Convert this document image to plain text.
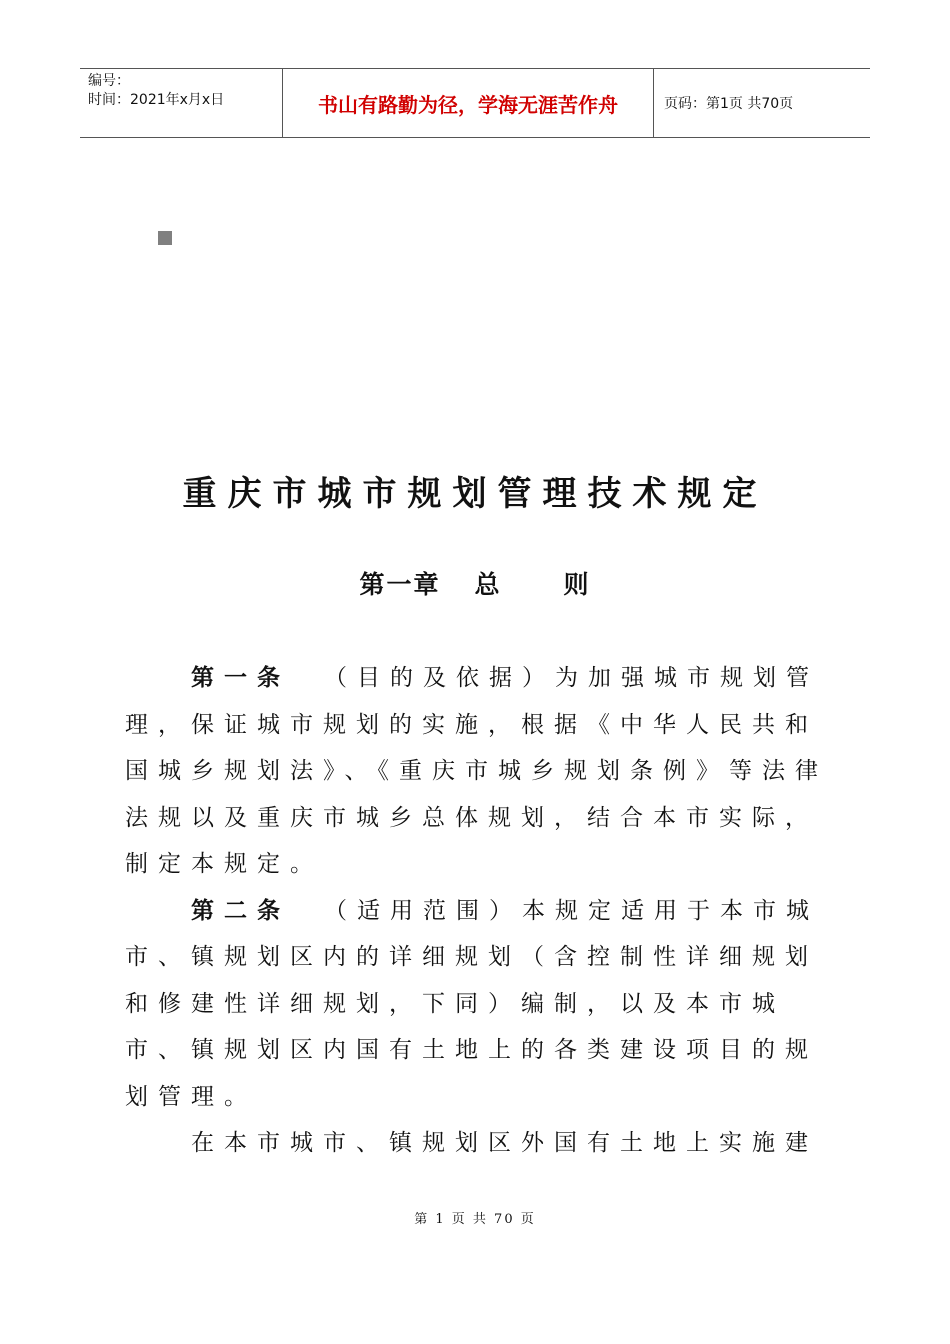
编号：
时间：2021年x月x日	书山有路勤为径，学海无涯苦作舟	页码：第1页 共70页
重庆市城市规划管理技术规定
第一章 总 则

第一条 （目的及依据）为加强城市规划管理，保证城市规划的实施，根据《中华人民共和国城乡规划法》、《重庆市城乡规划条例》等法律法规以及重庆市城乡总体规划，结合本市实际，制定本规定。

第二条 （适用范围）本规定适用于本市城市、镇规划区内的详细规划（含控制性详细规划和修建性详细规划，下同）编制，以及本市城市、镇规划区内国有土地上的各类建设项目的规划管理。

在本市城市、镇规划区外国有土地上实施建

第 1 页 共 70 页
